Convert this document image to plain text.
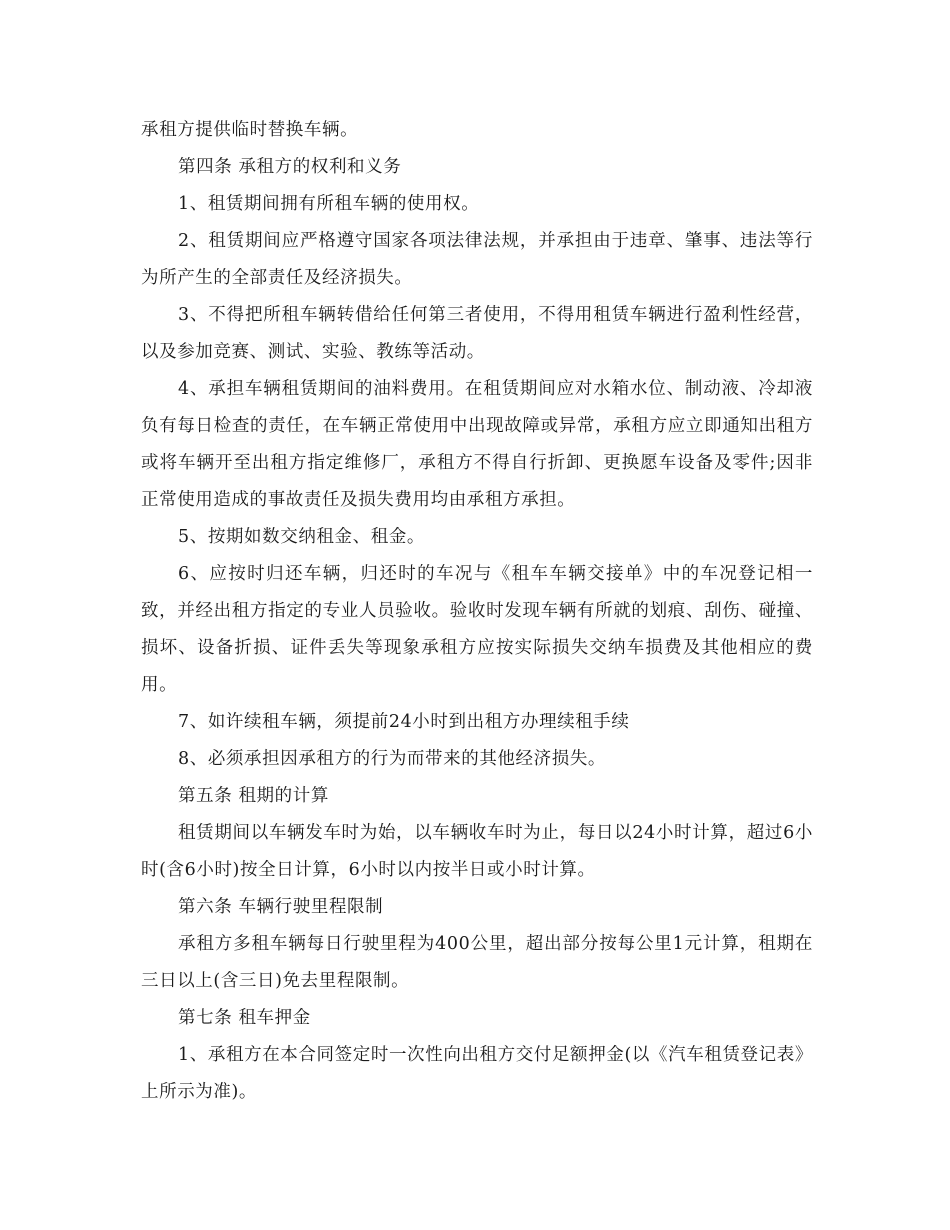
承租方提供临时替换车辆。

第四条 承租方的权利和义务

1、租赁期间拥有所租车辆的使用权。

2、租赁期间应严格遵守国家各项法律法规，并承担由于违章、肇事、违法等行为所产生的全部责任及经济损失。

3、不得把所租车辆转借给任何第三者使用，不得用租赁车辆进行盈利性经营，以及参加竞赛、测试、实验、教练等活动。

4、承担车辆租赁期间的油料费用。在租赁期间应对水箱水位、制动液、冷却液负有每日检查的责任，在车辆正常使用中出现故障或异常，承租方应立即通知出租方或将车辆开至出租方指定维修厂，承租方不得自行折卸、更换愿车设备及零件;因非正常使用造成的事故责任及损失费用均由承租方承担。

5、按期如数交纳租金、租金。

6、应按时归还车辆，归还时的车况与《租车车辆交接单》中的车况登记相一致，并经出租方指定的专业人员验收。验收时发现车辆有所就的划痕、刮伤、碰撞、损坏、设备折损、证件丢失等现象承租方应按实际损失交纳车损费及其他相应的费用。

7、如许续租车辆，须提前24小时到出租方办理续租手续

8、必须承担因承租方的行为而带来的其他经济损失。

第五条 租期的计算

租赁期间以车辆发车时为始，以车辆收车时为止，每日以24小时计算，超过6小时(含6小时)按全日计算，6小时以内按半日或小时计算。

第六条 车辆行驶里程限制

承租方多租车辆每日行驶里程为400公里，超出部分按每公里1元计算，租期在三日以上(含三日)免去里程限制。

第七条 租车押金

1、承租方在本合同签定时一次性向出租方交付足额押金(以《汽车租赁登记表》上所示为准)。
